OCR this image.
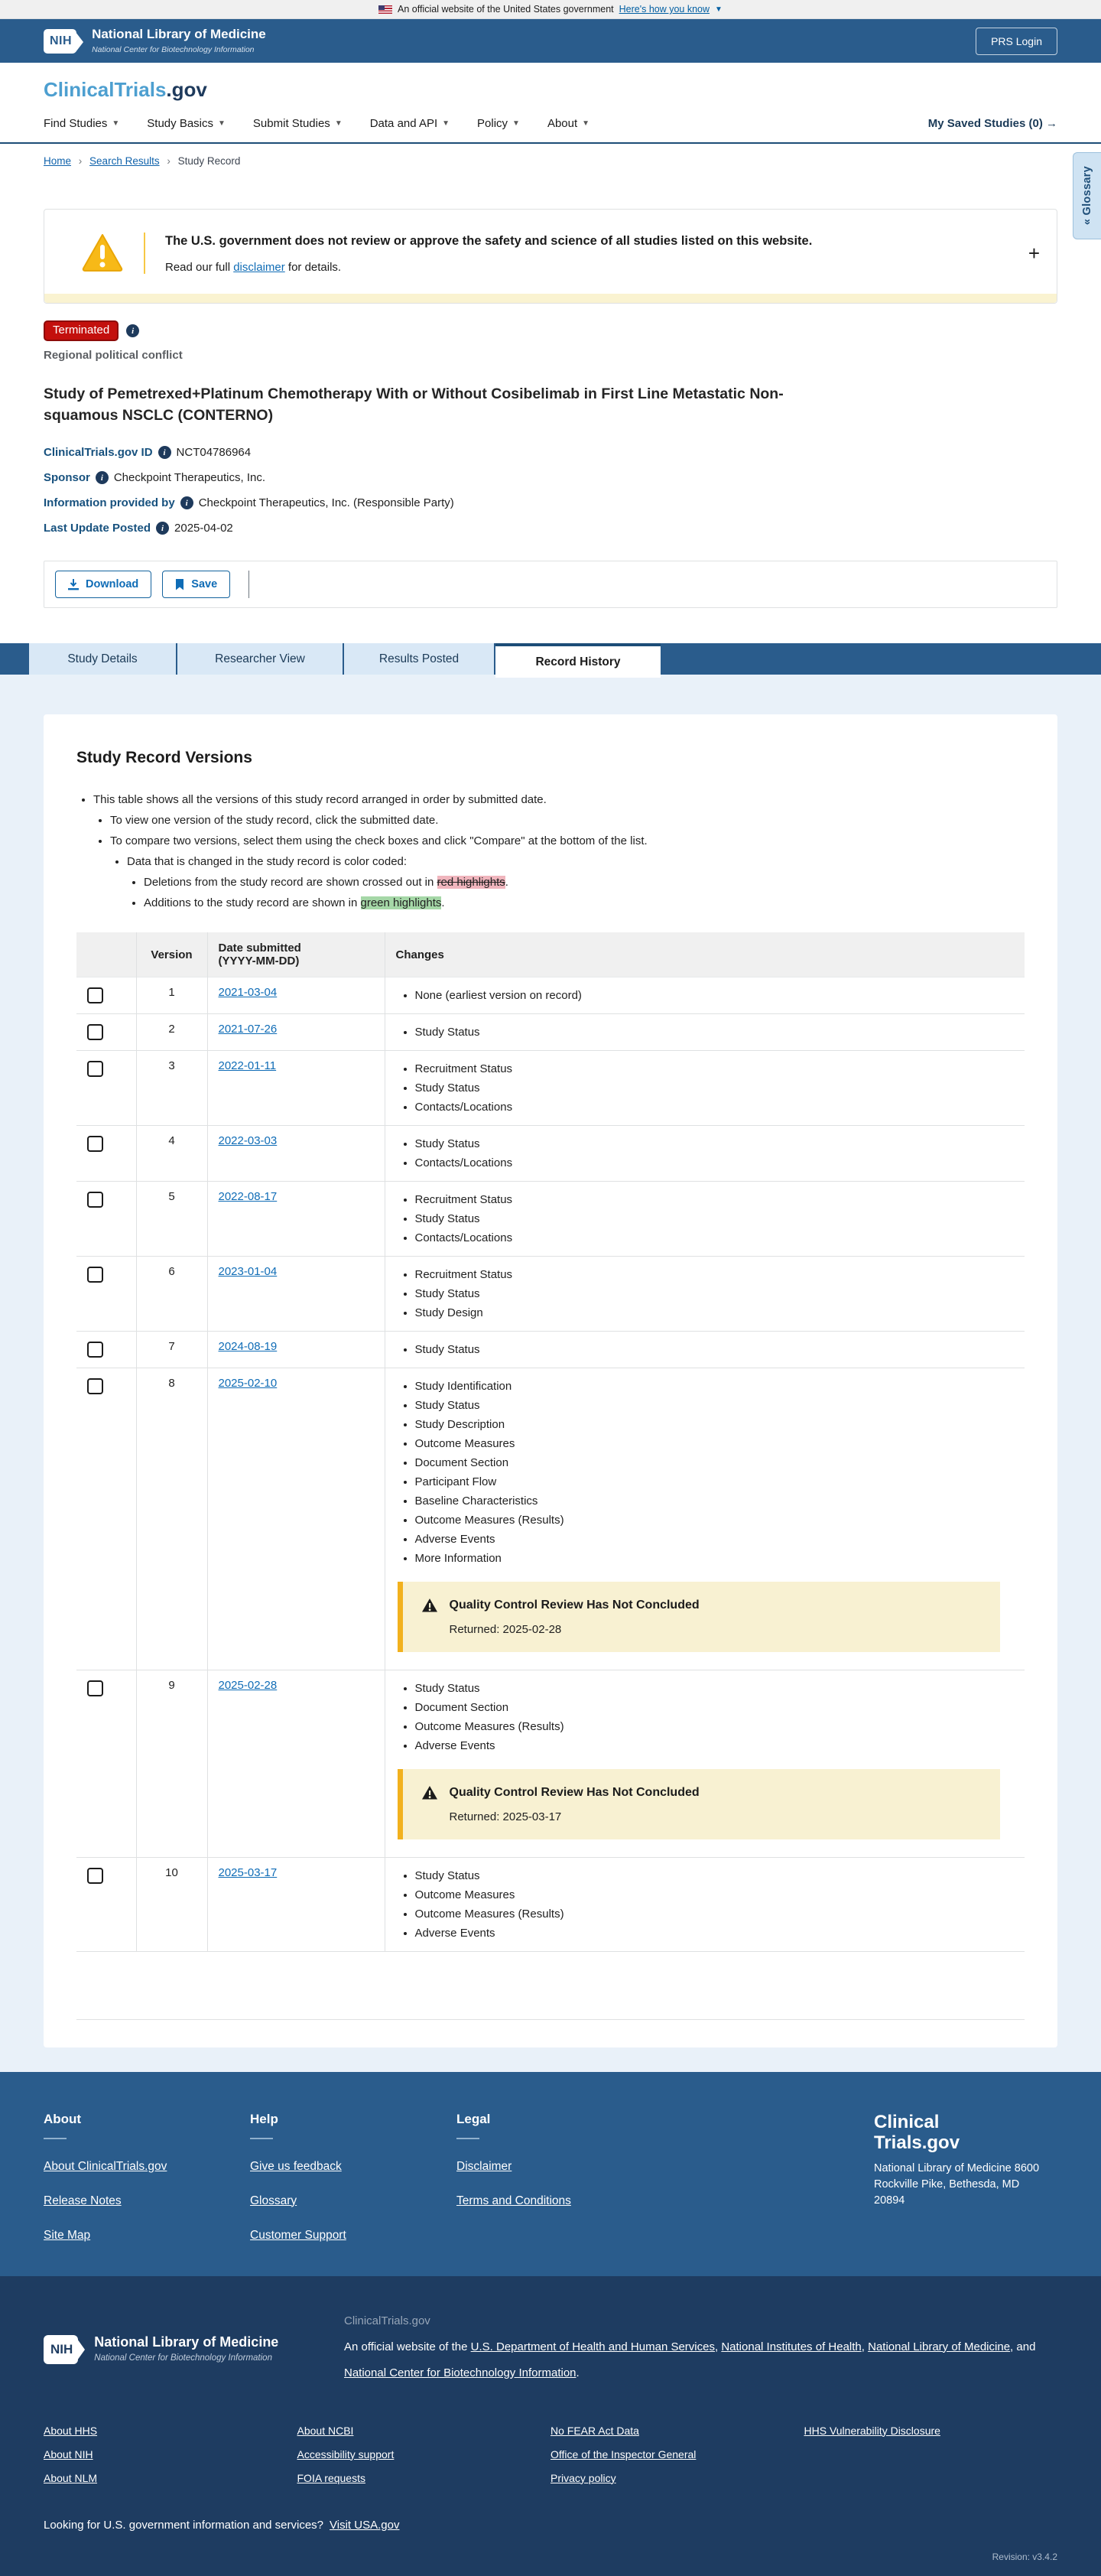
An official website of the United States government Here's how you know ▼
NIH	National Library of Medicine
National Center for Biotechnology Information
PRS Login
ClinicalTrials.gov
Find Studies ▼ Study Basics ▼ Submit Studies ▼ Data and API ▼ Policy ▼ About ▼	My Saved Studies (0) →
Home › Search Results › Study Record
« Glossary
The U.S. government does not review or approve the safety and science of all studies listed on this website.
Read our full disclaimer for details.
+
Terminated	i
Regional political conflict
Study of Pemetrexed+Platinum Chemotherapy With or Without Cosibelimab in First Line Metastatic Non-squamous NSCLC (CONTERNO)
ClinicalTrials.gov ID	i NCT04786964
Sponsor	i Checkpoint Therapeutics, Inc.
Information provided by	i Checkpoint Therapeutics, Inc. (Responsible Party)
Last Update Posted	i 2025-04-02
Download	Save
Study Details	Researcher View	Results Posted	Record History
Study Record Versions
• This table shows all the versions of this study record arranged in order by submitted date.
• To view one version of the study record, click the submitted date.
• To compare two versions, select them using the check boxes and click "Compare" at the bottom of the list.
• Data that is changed in the study record is color coded:
• Deletions from the study record are shown crossed out in red highlights.
• Additions to the study record are shown in green highlights.
	Version	Date submitted
(YYYY-MM-DD)	Changes

	1	2021-03-04	
•None (earliest version on record)

	2	2021-07-26	
•Study Status

	3	2022-01-11	
•Recruitment Status
• Study Status
• Contacts/Locations

	4	2022-03-03	
•Study Status
• Contacts/Locations

	5	2022-08-17	
•Recruitment Status
• Study Status
• Contacts/Locations

	6	2023-01-04	
•Recruitment Status
• Study Status
• Study Design

	7	2024-08-19	
•Study Status

	8	2025-02-10	
•Study Identification
• Study Status
• Study Description
• Outcome Measures
• Document Section
• Participant Flow
• Baseline Characteristics
• Outcome Measures (Results)
• Adverse Events
• More Information
Quality Control Review Has Not Concluded
Returned: 2025-02-28

	9	2025-02-28	
•Study Status
• Document Section
• Outcome Measures (Results)
• Adverse Events
Quality Control Review Has Not Concluded
Returned: 2025-03-17

	10	2025-03-17	
•Study Status
• Outcome Measures
• Outcome Measures (Results)
• Adverse Events

About
About ClinicalTrials.gov
Release Notes
Site Map
Help
Give us feedback
Glossary
Customer Support
Legal
Disclaimer
Terms and Conditions
Clinical
Trials.gov
National Library of Medicine 8600 Rockville Pike, Bethesda, MD 20894
NIH	National Library of Medicine
National Center for Biotechnology Information
ClinicalTrials.gov
An official website of the U.S. Department of Health and Human Services, National Institutes of Health, National Library of Medicine, and National Center for Biotechnology Information.
About HHS
About NIH
About NLM
About NCBI
Accessibility support
FOIA requests
No FEAR Act Data
Office of the Inspector General
Privacy policy
HHS Vulnerability Disclosure
Looking for U.S. government information and services? Visit USA.gov
Revision: v3.4.2
